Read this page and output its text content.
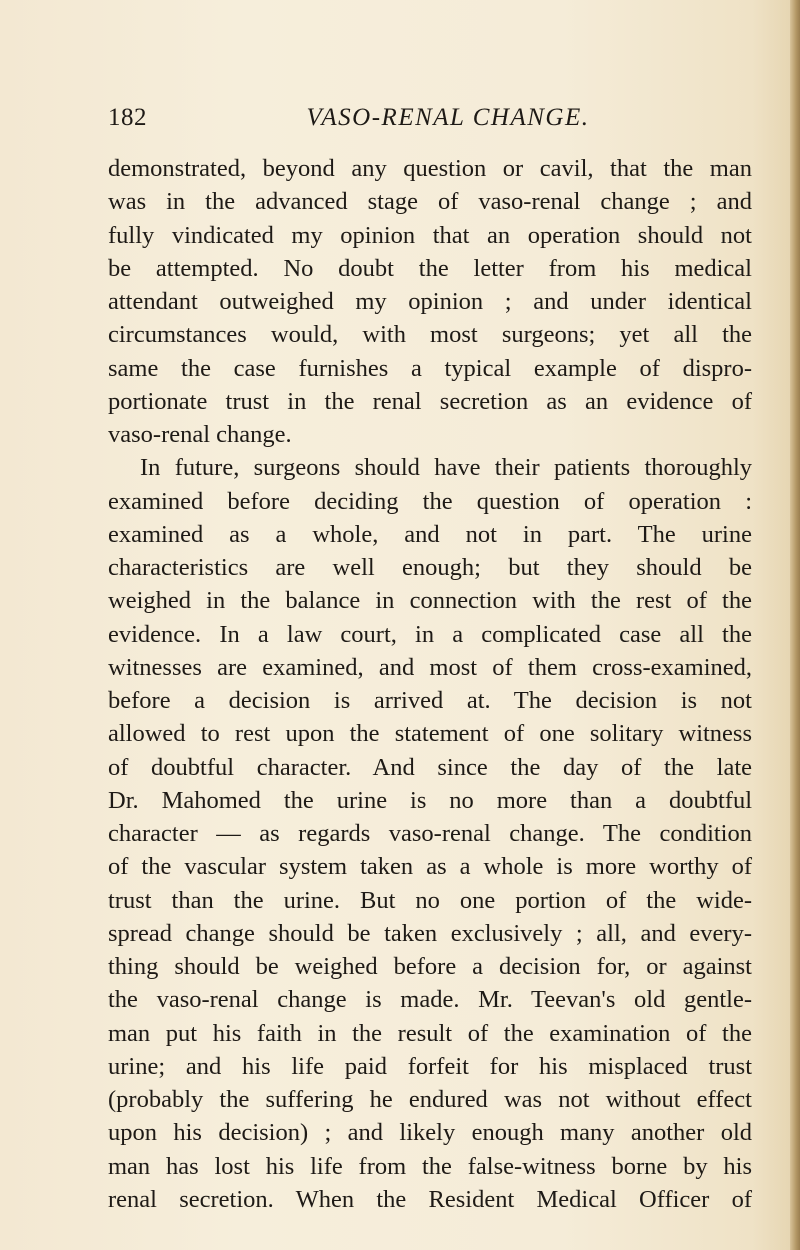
182	VASO-RENAL CHANGE.
demonstrated, beyond any question or cavil, that the man
was in the advanced stage of vaso-renal change ; and
fully vindicated my opinion that an operation should not
be attempted. No doubt the letter from his medical
attendant outweighed my opinion ; and under identical
circumstances would, with most surgeons; yet all the
same the case furnishes a typical example of dispro-
portionate trust in the renal secretion as an evidence of
vaso-renal change.
In future, surgeons should have their patients thoroughly
examined before deciding the question of operation :
examined as a whole, and not in part. The urine
characteristics are well enough; but they should be
weighed in the balance in connection with the rest of the
evidence. In a law court, in a complicated case all the
witnesses are examined, and most of them cross-examined,
before a decision is arrived at. The decision is not
allowed to rest upon the statement of one solitary witness
of doubtful character. And since the day of the late
Dr. Mahomed the urine is no more than a doubtful
character — as regards vaso-renal change. The condition
of the vascular system taken as a whole is more worthy of
trust than the urine. But no one portion of the wide-
spread change should be taken exclusively ; all, and every-
thing should be weighed before a decision for, or against
the vaso-renal change is made. Mr. Teevan's old gentle-
man put his faith in the result of the examination of the
urine; and his life paid forfeit for his misplaced trust
(probably the suffering he endured was not without effect
upon his decision) ; and likely enough many another old
man has lost his life from the false-witness borne by his
renal secretion. When the Resident Medical Officer of
